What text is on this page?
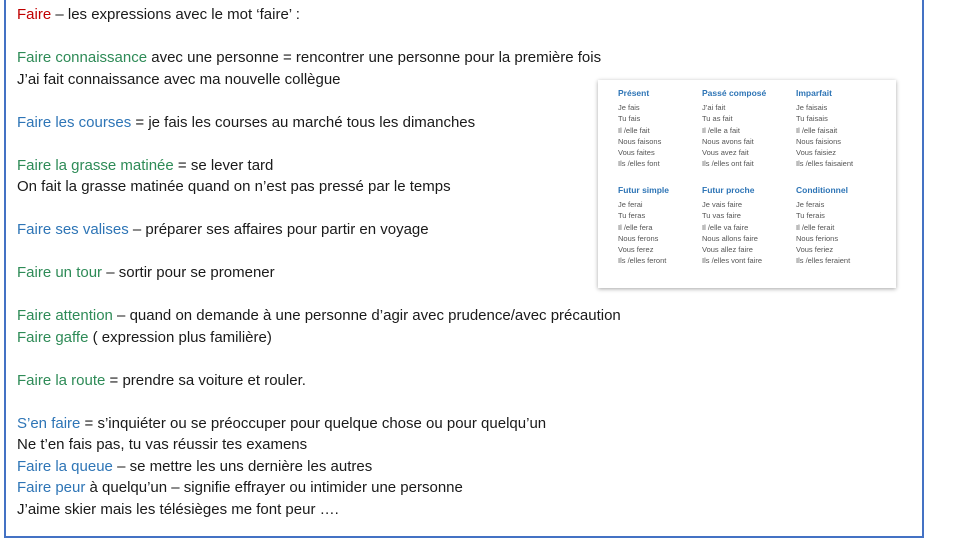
Faire – les expressions avec le mot ‘faire’ :
Faire connaissance avec une personne = rencontrer une personne pour la première fois
J’ai fait connaissance avec ma nouvelle collègue
Faire les courses = je fais les courses au marché tous les dimanches
Faire la grasse matinée = se lever tard
On fait la grasse matinée quand on n’est pas pressé par le temps
Faire ses valises – préparer ses affaires pour partir en voyage
Faire un tour – sortir pour se promener
Faire attention – quand on demande à une personne d’agir avec prudence/avec précaution
Faire gaffe ( expression plus familière)
Faire la route = prendre sa voiture et rouler.
S’en faire = s’inquiéter ou se préoccuper pour quelque chose ou pour quelqu’un
Ne t’en fais pas, tu vas réussir tes examens
Faire la queue – se mettre les uns dernière les autres
Faire peur à quelqu’un – signifie effrayer ou intimider une personne
J’aime skier mais les télésièges me font peur ….
Présent
Je fais
Tu fais
Il /elle fait
Nous faisons
Vous faites
Ils /elles font
Passé composé
J’ai fait
Tu as fait
Il /elle a fait
Nous avons fait
Vous avez fait
Ils /elles ont fait
Imparfait
Je faisais
Tu faisais
Il /elle faisait
Nous faisions
Vous faisiez
Ils /elles faisaient
Futur simple
Je ferai
Tu feras
Il /elle fera
Nous ferons
Vous ferez
Ils /elles feront
Futur proche
Je vais faire
Tu vas faire
Il /elle va faire
Nous allons faire
Vous allez faire
Ils /elles vont faire
Conditionnel
Je ferais
Tu ferais
Il /elle ferait
Nous ferions
Vous feriez
Ils /elles feraient
